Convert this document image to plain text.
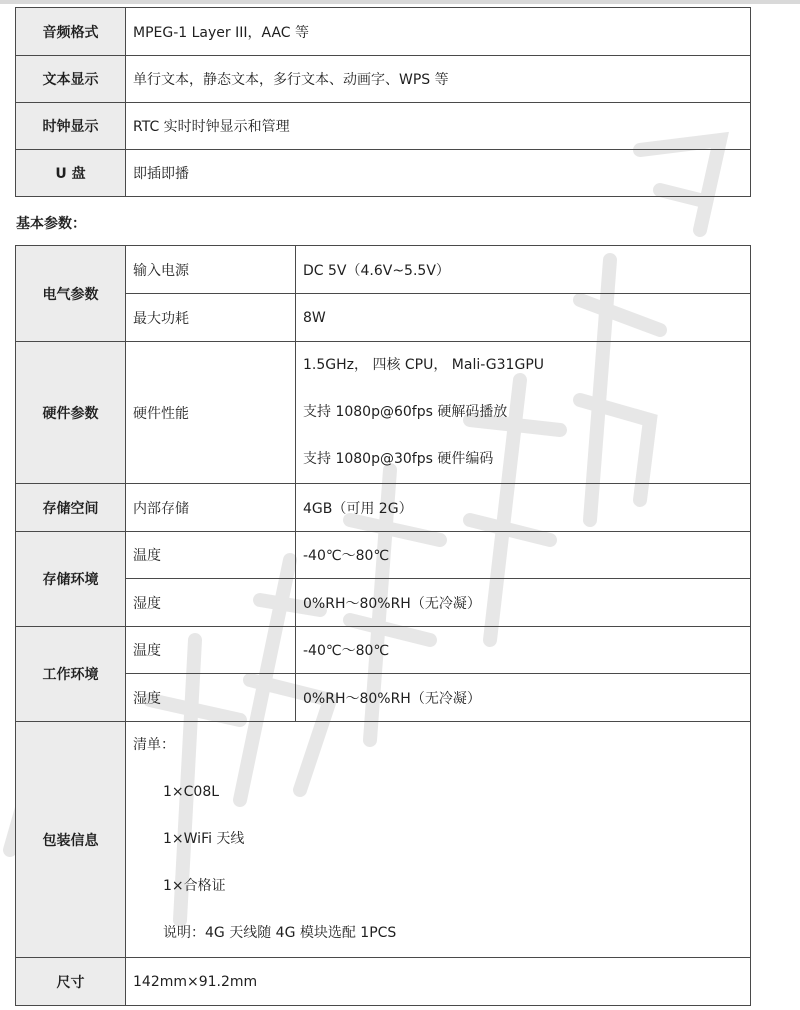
音频格式	MPEG-1 Layer III，AAC 等
文本显示	单行文本，静态文本，多行文本、动画字、WPS 等
时钟显示	RTC 实时时钟显示和管理
U 盘	即插即播
基本参数：
电气参数	输入电源	DC 5V（4.6V~5.5V）
	最大功耗	8W
硬件参数	硬件性能	1.5GHz， 四核 CPU， Mali-G31GPU
支持 1080p@60fps 硬解码播放
支持 1080p@30fps 硬件编码

存储空间	内部存储	4GB（可用 2G）
存储环境	温度	-40℃～80℃
	湿度	0%RH～80%RH（无冷凝）
工作环境	温度	-40℃～80℃
	湿度	0%RH～80%RH（无冷凝）
包装信息	清单：
1×C08L
1×WiFi 天线
1×合格证
说明：4G 天线随 4G 模块选配 1PCS	

尺寸	142mm×91.2mm	
